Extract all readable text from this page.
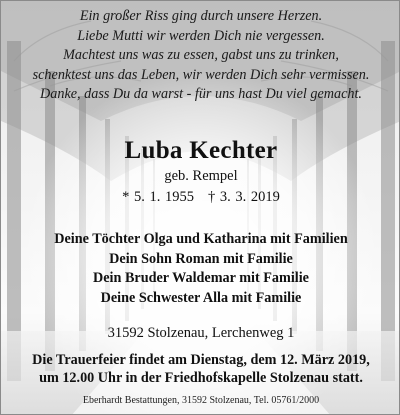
Ein großer Riss ging durch unsere Herzen.
Liebe Mutti wir werden Dich nie vergessen.
Machtest uns was zu essen, gabst uns zu trinken,
schenktest uns das Leben, wir werden Dich sehr vermissen.
Danke, dass Du da warst - für uns hast Du viel gemacht.
Luba Kechter
geb. Rempel
* 5. 1. 1955 † 3. 3. 2019
Deine Töchter Olga und Katharina mit Familien
Dein Sohn Roman mit Familie
Dein Bruder Waldemar mit Familie
Deine Schwester Alla mit Familie
31592 Stolzenau, Lerchenweg 1
Die Trauerfeier findet am Dienstag, dem 12. März 2019,
um 12.00 Uhr in der Friedhofskapelle Stolzenau statt.
Eberhardt Bestattungen, 31592 Stolzenau, Tel. 05761/2000
